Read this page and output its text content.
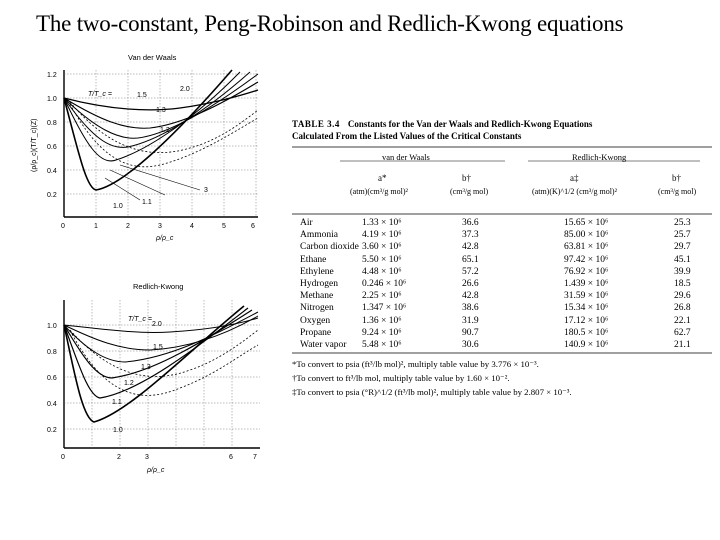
The two-constant, Peng-Robinson and Redlich-Kwong equations
Van der Waals
1.2
1.0
0.8
0.6
0.4
0.2
0	1	2	3	4	5	6
ρ/ρ_c
(ρ/ρ_c)(T/T_c)(Z)
T/T_c =	1.5
2.0
1.3
1.2
1.1
1.0
3
Redlich-Kwong
1.0
0.8
0.6
0.4
0.2
0	2	3	6	7
ρ/ρ_c
T/T_c =
2.0
1.5
1.3
1.2
1.1
1.0
TABLE 3.4 Constants for the Van der Waals and Redlich-Kwong Equations
Calculated From the Listed Values of the Critical Constants
van der Waals	Redlich-Kwong
a*	b†	a‡	b†
(atm)(cm³/g mol)²	(cm³/g mol)	(atm)(K)^1/2 (cm³/g mol)²	(cm³/g mol)
Air	1.33 × 10⁶	36.6	15.65 × 10⁶	25.3
Ammonia	4.19 × 10⁶	37.3	85.00 × 10⁶	25.7
Carbon dioxide 3.60 × 10⁶	42.8	63.81 × 10⁶	29.7
Ethane	5.50 × 10⁶	65.1	97.42 × 10⁶	45.1
Ethylene	4.48 × 10⁶	57.2	76.92 × 10⁶	39.9
Hydrogen	0.246 × 10⁶	26.6	1.439 × 10⁶	18.5
Methane	2.25 × 10⁶	42.8	31.59 × 10⁶	29.6
Nitrogen	1.347 × 10⁶	38.6	15.34 × 10⁶	26.8
Oxygen	1.36 × 10⁶	31.9	17.12 × 10⁶	22.1
Propane	9.24 × 10⁶	90.7	180.5 × 10⁶	62.7
Water vapor 5.48 × 10⁶	30.6	140.9 × 10⁶	21.1
*To convert to psia (ft³/lb mol)², multiply table value by 3.776 × 10⁻³.
†To convert to ft³/lb mol, multiply table value by 1.60 × 10⁻².
‡To convert to psia (°R)^1/2 (ft³/lb mol)², multiply table value by 2.807 × 10⁻³.
